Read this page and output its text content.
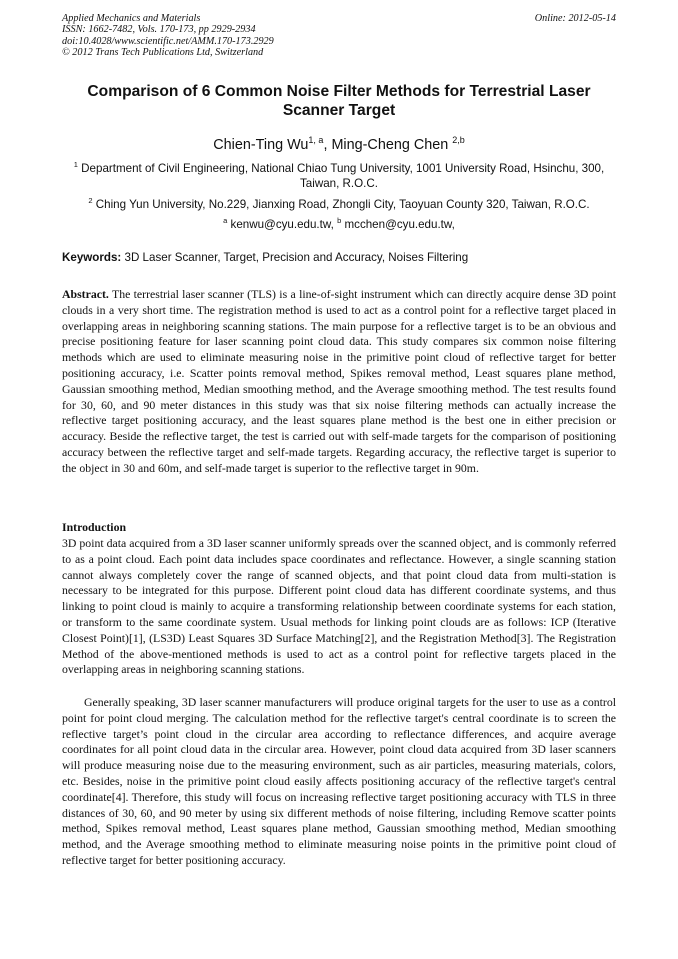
Applied Mechanics and Materials
ISSN: 1662-7482, Vols. 170-173, pp 2929-2934
doi:10.4028/www.scientific.net/AMM.170-173.2929
© 2012 Trans Tech Publications Ltd, Switzerland
Online: 2012-05-14
Comparison of 6 Common Noise Filter Methods for Terrestrial Laser Scanner Target
Chien-Ting Wu$^{1, a}$, Ming-Cheng Chen $^{2,b}$
$^1$ Department of Civil Engineering, National Chiao Tung University, 1001 University Road, Hsinchu, 300, Taiwan, R.O.C.
$^2$ Ching Yun University, No.229, Jianxing Road, Zhongli City, Taoyuan County 320, Taiwan, R.O.C.
$^a$ kenwu@cyu.edu.tw, $^b$ mcchen@cyu.edu.tw,
Keywords: 3D Laser Scanner, Target, Precision and Accuracy, Noises Filtering
Abstract. The terrestrial laser scanner (TLS) is a line-of-sight instrument which can directly acquire dense 3D point clouds in a very short time. The registration method is used to act as a control point for a reflective target placed in overlapping areas in neighboring scanning stations. The main purpose for a reflective target is to be an obvious and precise positioning feature for laser scanning point cloud data. This study compares six common noise filtering methods which are used to eliminate measuring noise in the primitive point cloud of reflective target for better positioning accuracy, i.e. Scatter points removal method, Spikes removal method, Least squares plane method, Gaussian smoothing method, Median smoothing method, and the Average smoothing method. The test results found for 30, 60, and 90 meter distances in this study was that six noise filtering methods can actually increase the reflective target positioning accuracy, and the least squares plane method is the best one in either precision or accuracy. Beside the reflective target, the test is carried out with self-made targets for the comparison of positioning accuracy between the reflective target and self-made targets. Regarding accuracy, the reflective target is superior to the object in 30 and 60m, and self-made target is superior to the reflective target in 90m.
Introduction
3D point data acquired from a 3D laser scanner uniformly spreads over the scanned object, and is commonly referred to as a point cloud. Each point data includes space coordinates and reflectance. However, a single scanning station cannot always completely cover the range of scanned objects, and that point cloud data from multi-station is necessary to be integrated for this purpose. Different point cloud data has different coordinate systems, and thus linking to point cloud is mainly to acquire a transforming relationship between coordinate systems for each station, or transform to the same coordinate system. Usual methods for linking point clouds are as follows: ICP (Iterative Closest Point)[1], (LS3D) Least Squares 3D Surface Matching[2], and the Registration Method[3]. The Registration Method of the above-mentioned methods is used to act as a control point for reflective targets placed in the overlapping areas in neighboring scanning stations.
Generally speaking, 3D laser scanner manufacturers will produce original targets for the user to use as a control point for point cloud merging. The calculation method for the reflective target's central coordinate is to screen the reflective target’s point cloud in the circular area according to reflectance differences, and acquire average coordinates for all point cloud data in the circular area. However, point cloud data acquired from 3D laser scanners will produce measuring noise due to the measuring environment, such as air particles, measuring materials, colors, etc. Besides, noise in the primitive point cloud easily affects positioning accuracy of the reflective target's central coordinate[4]. Therefore, this study will focus on increasing reflective target positioning accuracy with TLS in three distances of 30, 60, and 90 meter by using six different methods of noise filtering, including Remove scatter points method, Spikes removal method, Least squares plane method, Gaussian smoothing method, Median smoothing method, and the Average smoothing method to eliminate measuring noise points in the primitive point cloud of reflective target for better positioning accuracy.
